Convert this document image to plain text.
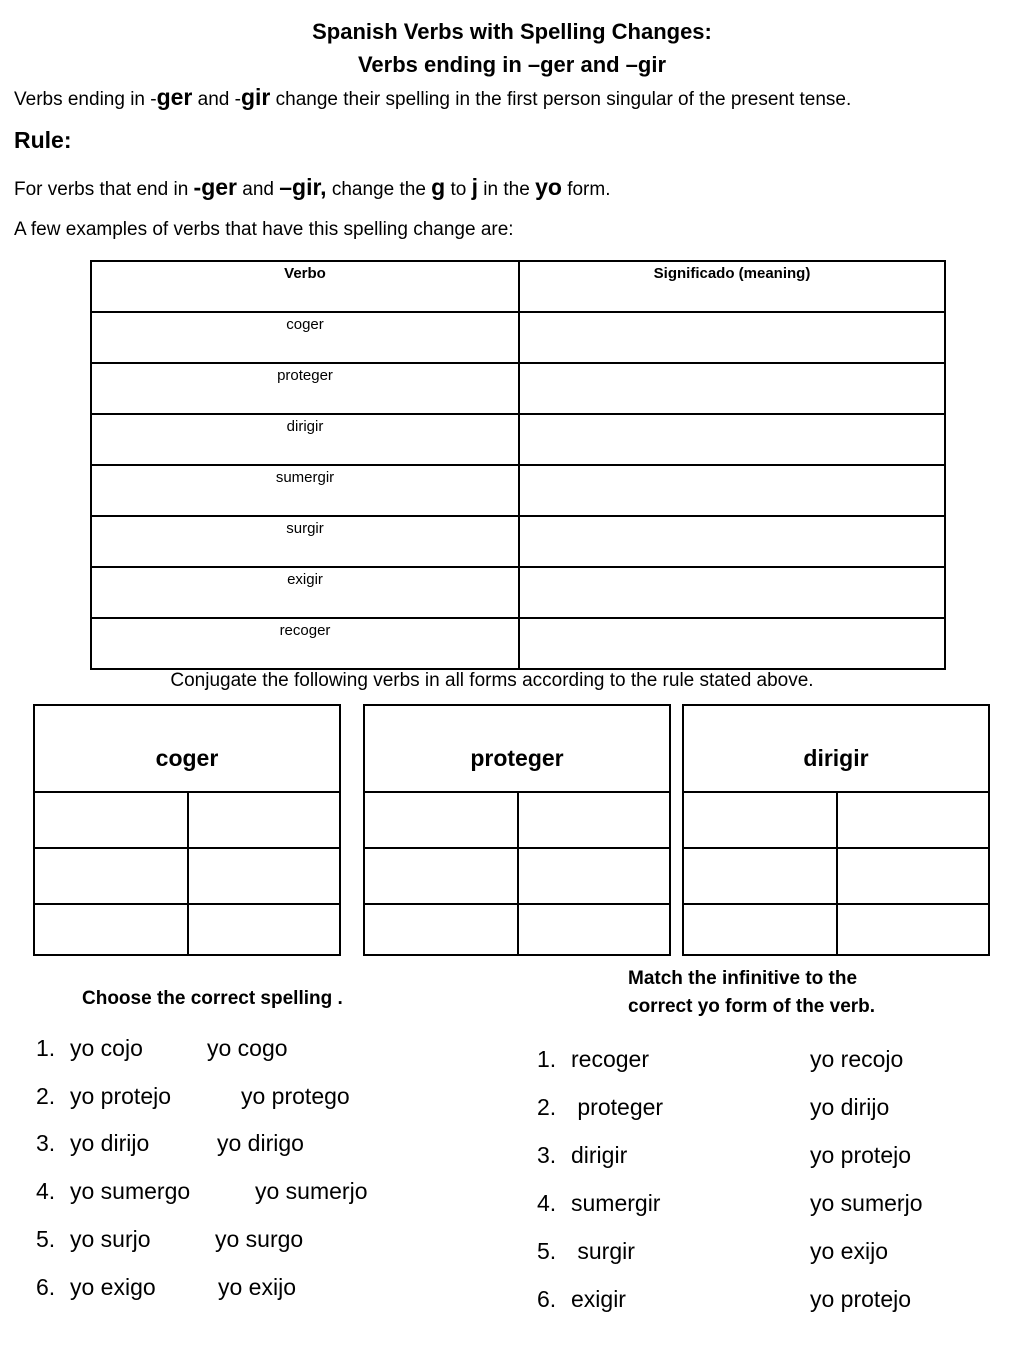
Spanish Verbs with Spelling Changes:
Verbs ending in –ger and –gir
Verbs ending in -ger and -gir change their spelling in the first person singular of the present tense.
Rule:
For verbs that end in -ger and –gir, change the g to j in the yo form.
A few examples of verbs that have this spelling change are:
Verbo	Significado (meaning)
coger	
proteger	
dirigir	
sumergir	
surgir	
exigir	
recoger	
Conjugate the following verbs in all forms according to the rule stated above.
coger	proteger	dirigir
Choose the correct spelling .
1. yo cojo	yo cogo
2. yo protejo	yo protego
3. yo dirijo	yo dirigo
4. yo sumergo	yo sumerjo
5. yo surjo	yo surgo
6. yo exigo	yo exijo
Match the infinitive to the
correct yo form of the verb.
1. recoger	yo recojo
2. proteger	yo dirijo
3. dirigir	yo protejo
4. sumergir	yo sumerjo
5. surgir	yo exijo
6. exigir	yo protejo
